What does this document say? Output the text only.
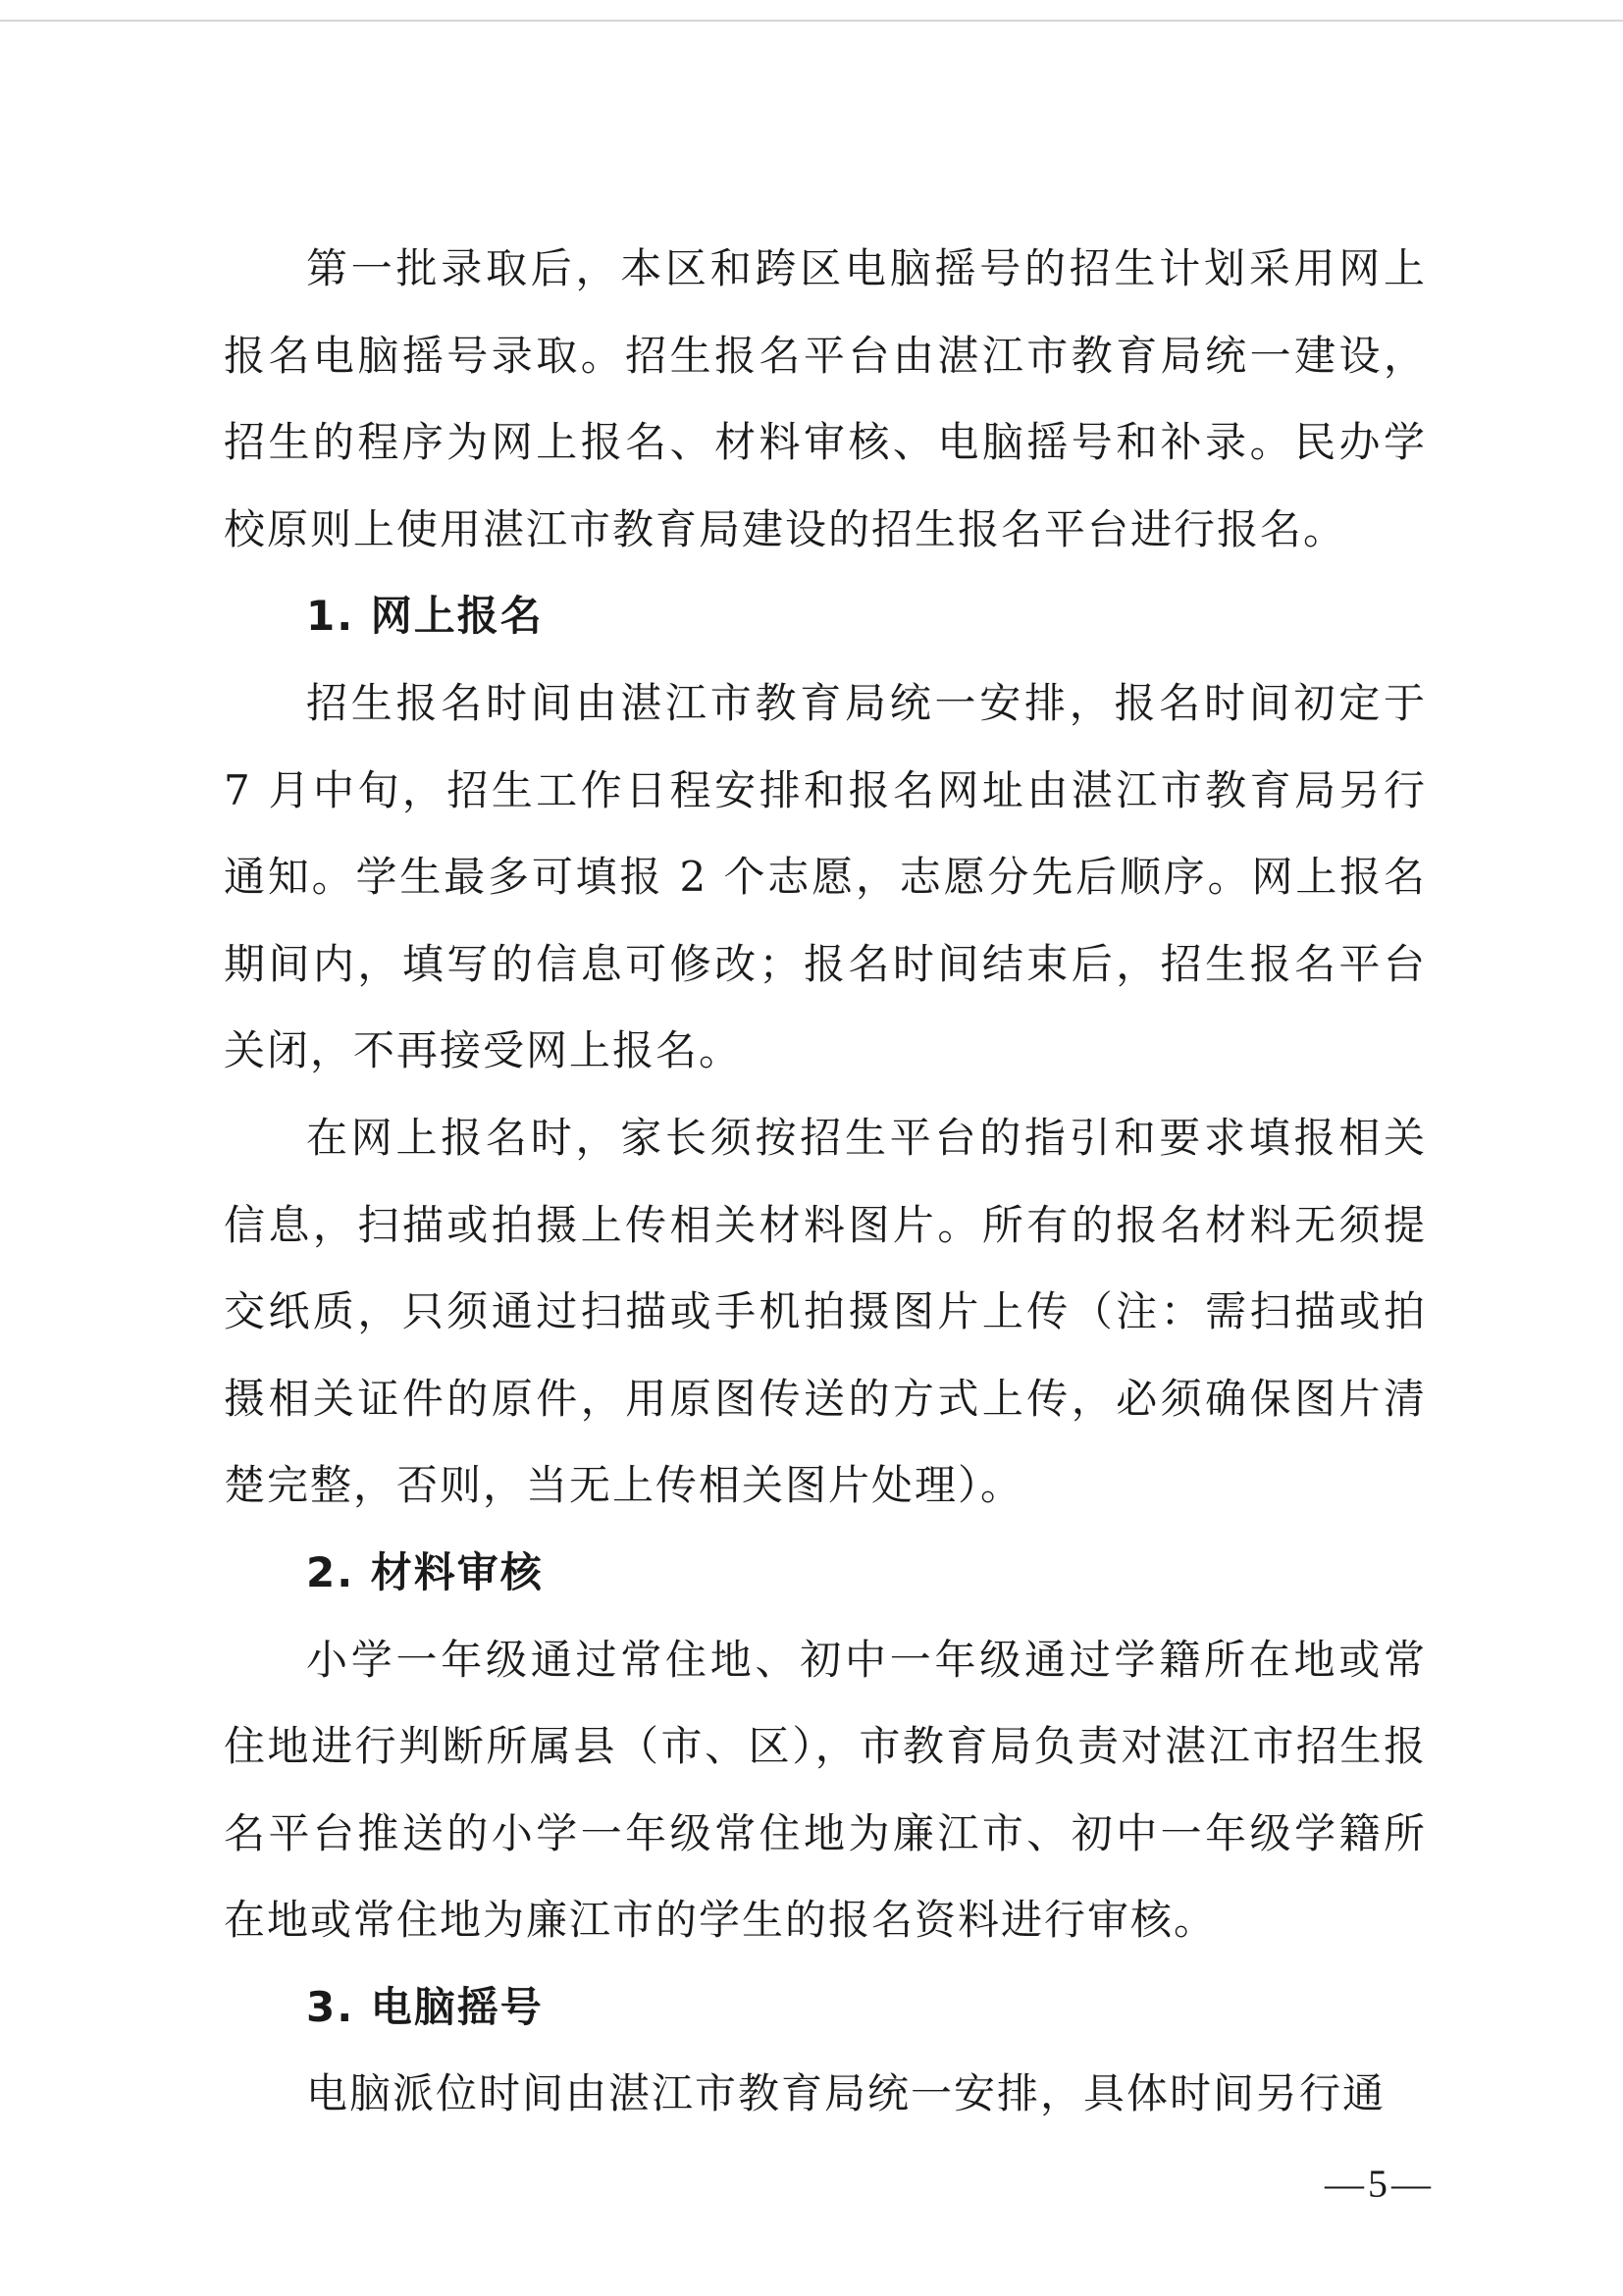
第一批录取后，本区和跨区电脑摇号的招生计划采用网上报名电脑摇号录取。招生报名平台由湛江市教育局统一建设，招生的程序为网上报名、材料审核、电脑摇号和补录。民办学校原则上使用湛江市教育局建设的招生报名平台进行报名。

1. 网上报名

招生报名时间由湛江市教育局统一安排，报名时间初定于 7 月中旬，招生工作日程安排和报名网址由湛江市教育局另行通知。学生最多可填报 2 个志愿，志愿分先后顺序。网上报名期间内，填写的信息可修改；报名时间结束后，招生报名平台关闭，不再接受网上报名。

在网上报名时，家长须按招生平台的指引和要求填报相关信息，扫描或拍摄上传相关材料图片。所有的报名材料无须提交纸质，只须通过扫描或手机拍摄图片上传（注：需扫描或拍摄相关证件的原件，用原图传送的方式上传，必须确保图片清楚完整，否则，当无上传相关图片处理）。

2. 材料审核

小学一年级通过常住地、初中一年级通过学籍所在地或常住地进行判断所属县（市、区），市教育局负责对湛江市招生报名平台推送的小学一年级常住地为廉江市、初中一年级学籍所在地或常住地为廉江市的学生的报名资料进行审核。

3. 电脑摇号

电脑派位时间由湛江市教育局统一安排，具体时间另行通

—5—
